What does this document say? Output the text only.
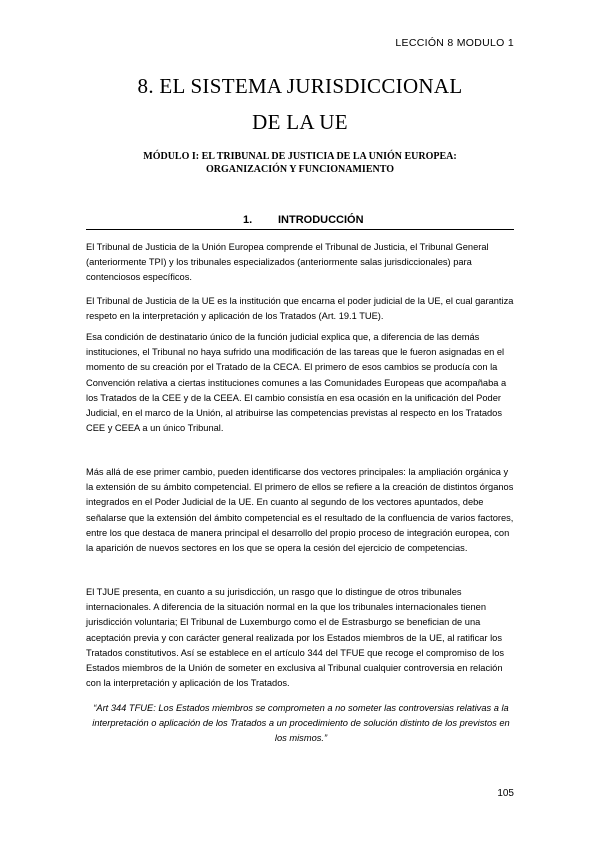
LECCIÓN 8 MODULO 1
8. EL SISTEMA JURISDICCIONAL
DE LA UE
MÓDULO I: EL TRIBUNAL DE JUSTICIA DE LA UNIÓN EUROPEA:
ORGANIZACIÓN Y FUNCIONAMIENTO
1. INTRODUCCIÓN

El Tribunal de Justicia de la Unión Europea comprende el Tribunal de Justicia, el Tribunal General (anteriormente TPI) y los tribunales especializados (anteriormente salas jurisdiccionales) para contenciosos específicos.

El Tribunal de Justicia de la UE es la institución que encarna el poder judicial de la UE, el cual garantiza respeto en la interpretación y aplicación de los Tratados (Art. 19.1 TUE).

Esa condición de destinatario único de la función judicial explica que, a diferencia de las demás instituciones, el Tribunal no haya sufrido una modificación de las tareas que le fueron asignadas en el momento de su creación por el Tratado de la CECA. El primero de esos cambios se producía con la Convención relativa a ciertas instituciones comunes a las Comunidades Europeas que acompañaba a los Tratados de la CEE y de la CEEA. El cambio consistía en esa ocasión en la unificación del Poder Judicial, en el marco de la Unión, al atribuirse las competencias previstas al respecto en los Tratados CEE y CEEA a un único Tribunal.

Más allá de ese primer cambio, pueden identificarse dos vectores principales: la ampliación orgánica y la extensión de su ámbito competencial. El primero de ellos se refiere a la creación de distintos órganos integrados en el Poder Judicial de la UE. En cuanto al segundo de los vectores apuntados, debe señalarse que la extensión del ámbito competencial es el resultado de la confluencia de varios factores, entre los que destaca de manera principal el desarrollo del propio proceso de integración europea, con la aparición de nuevos sectores en los que se opera la cesión del ejercicio de competencias.

El TJUE presenta, en cuanto a su jurisdicción, un rasgo que lo distingue de otros tribunales internacionales. A diferencia de la situación normal en la que los tribunales internacionales tienen jurisdicción voluntaria; El Tribunal de Luxemburgo como el de Estrasburgo se benefician de una aceptación previa y con carácter general realizada por los Estados miembros de la UE, al ratificar los Tratados constitutivos. Así se establece en el artículo 344 del TFUE que recoge el compromiso de los Estados miembros de la Unión de someter en exclusiva al Tribunal cualquier controversia en relación con la interpretación y aplicación de los Tratados.

“Art 344 TFUE: Los Estados miembros se comprometen a no someter las controversias relativas a la interpretación o aplicación de los Tratados a un procedimiento de solución distinto de los previstos en los mismos.”

105
